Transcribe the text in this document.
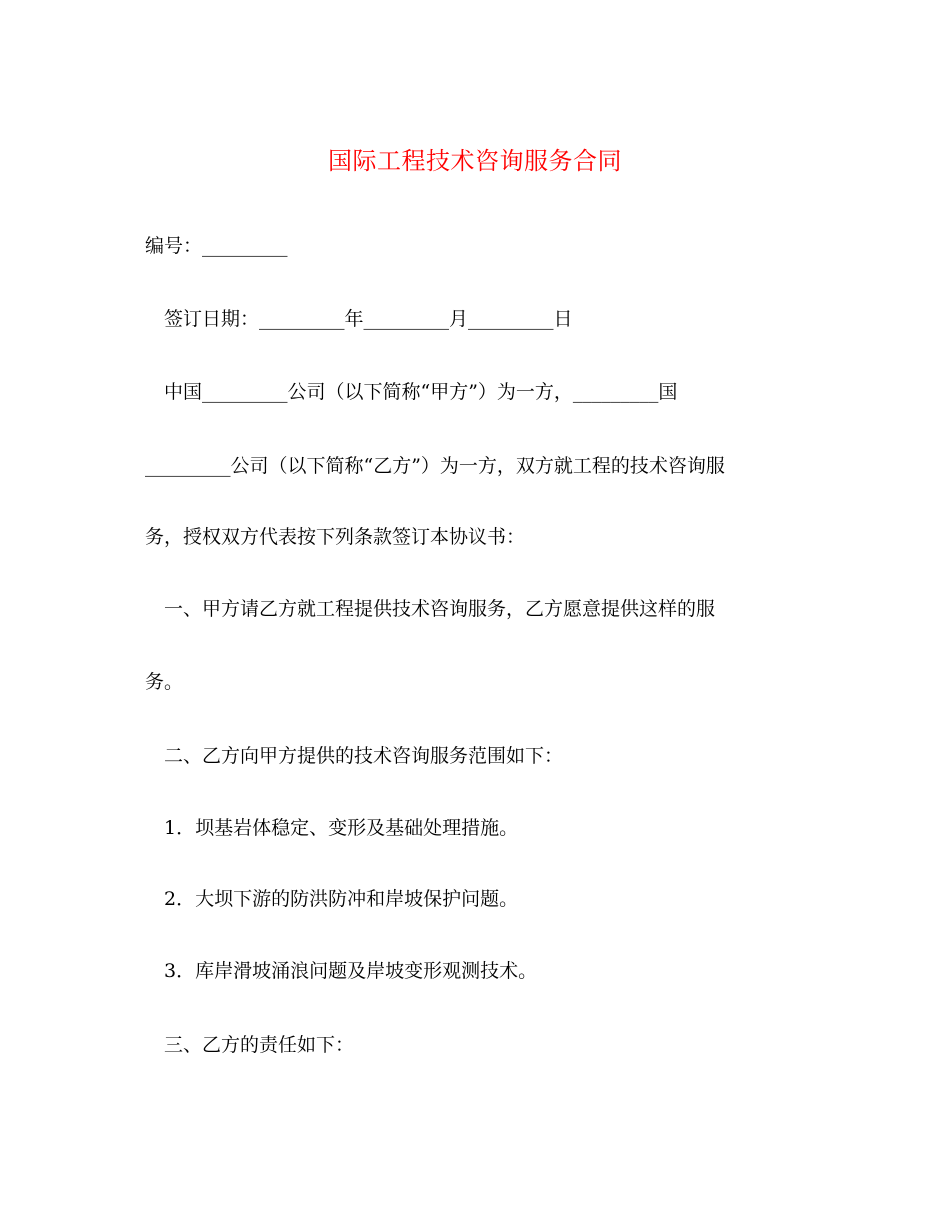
国际工程技术咨询服务合同
编号：_________
签订日期：_________年_________月_________日
中国_________公司（以下简称“甲方”）为一方，_________国
_________公司（以下简称“乙方”）为一方，双方就工程的技术咨询服
务，授权双方代表按下列条款签订本协议书：
一、甲方请乙方就工程提供技术咨询服务，乙方愿意提供这样的服
务。
二、乙方向甲方提供的技术咨询服务范围如下：
1．坝基岩体稳定、变形及基础处理措施。
2．大坝下游的防洪防冲和岸坡保护问题。
3．库岸滑坡涌浪问题及岸坡变形观测技术。
三、乙方的责任如下：
